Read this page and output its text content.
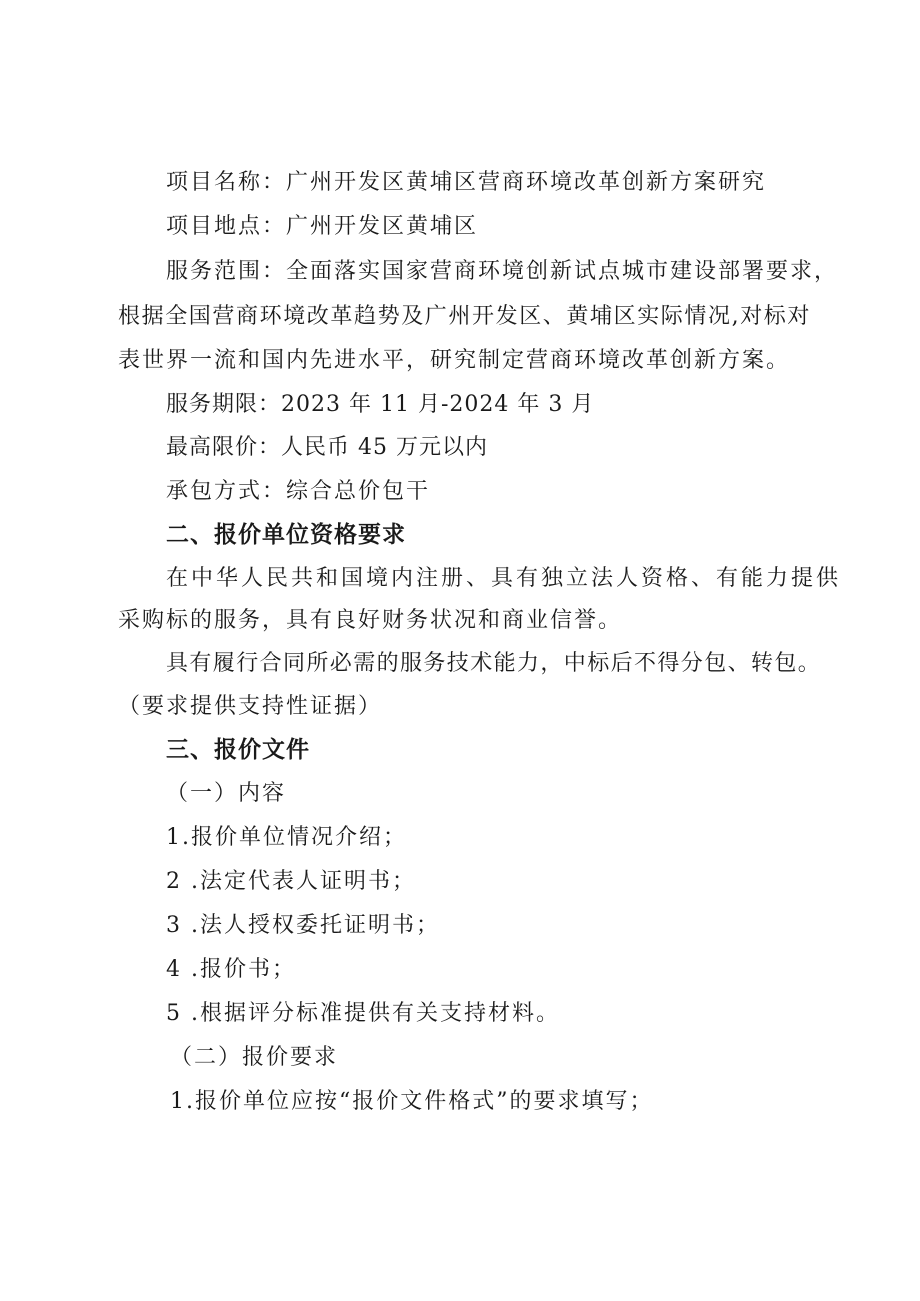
项目名称：广州开发区黄埔区营商环境改革创新方案研究
项目地点：广州开发区黄埔区
服务范围：全面落实国家营商环境创新试点城市建设部署要求，
根据全国营商环境改革趋势及广州开发区、黄埔区实际情况,对标对
表世界一流和国内先进水平，研究制定营商环境改革创新方案。
服务期限：2023 年 11 月-2024 年 3 月
最高限价：人民币 45 万元以内
承包方式：综合总价包干
二、报价单位资格要求
在中华人民共和国境内注册、具有独立法人资格、有能力提供
采购标的服务，具有良好财务状况和商业信誉。
具有履行合同所必需的服务技术能力，中标后不得分包、转包。
（要求提供支持性证据）
三、报价文件
（一）内容
1.报价单位情况介绍；
2 .法定代表人证明书；
3 .法人授权委托证明书；
4 .报价书；
5 .根据评分标准提供有关支持材料。
（二）报价要求
1.报价单位应按“报价文件格式”的要求填写；
